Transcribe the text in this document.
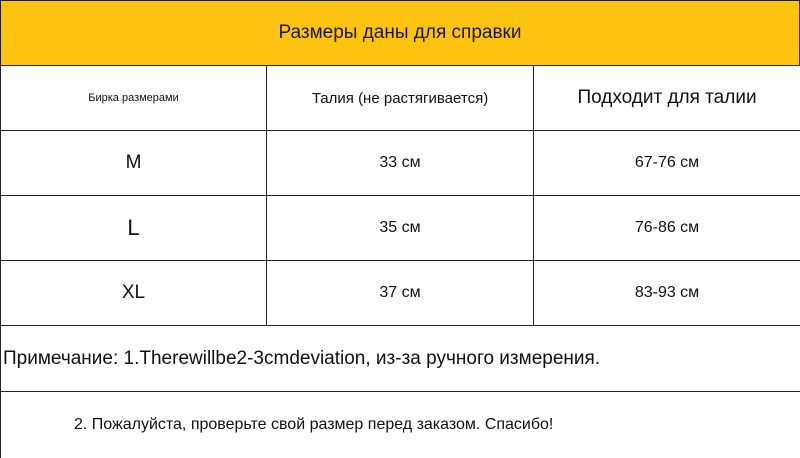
Размеры даны для справки
Бирка размерами	Талия (не растягивается)	Подходит для талии
M	33 см	67-76 см
L	35 см	76-86 см
XL	37 см	83-93 см
Примечание: 1.Therewillbe2-3cmdeviation, из-за ручного измерения.
2. Пожалуйста, проверьте свой размер перед заказом. Спасибо!
